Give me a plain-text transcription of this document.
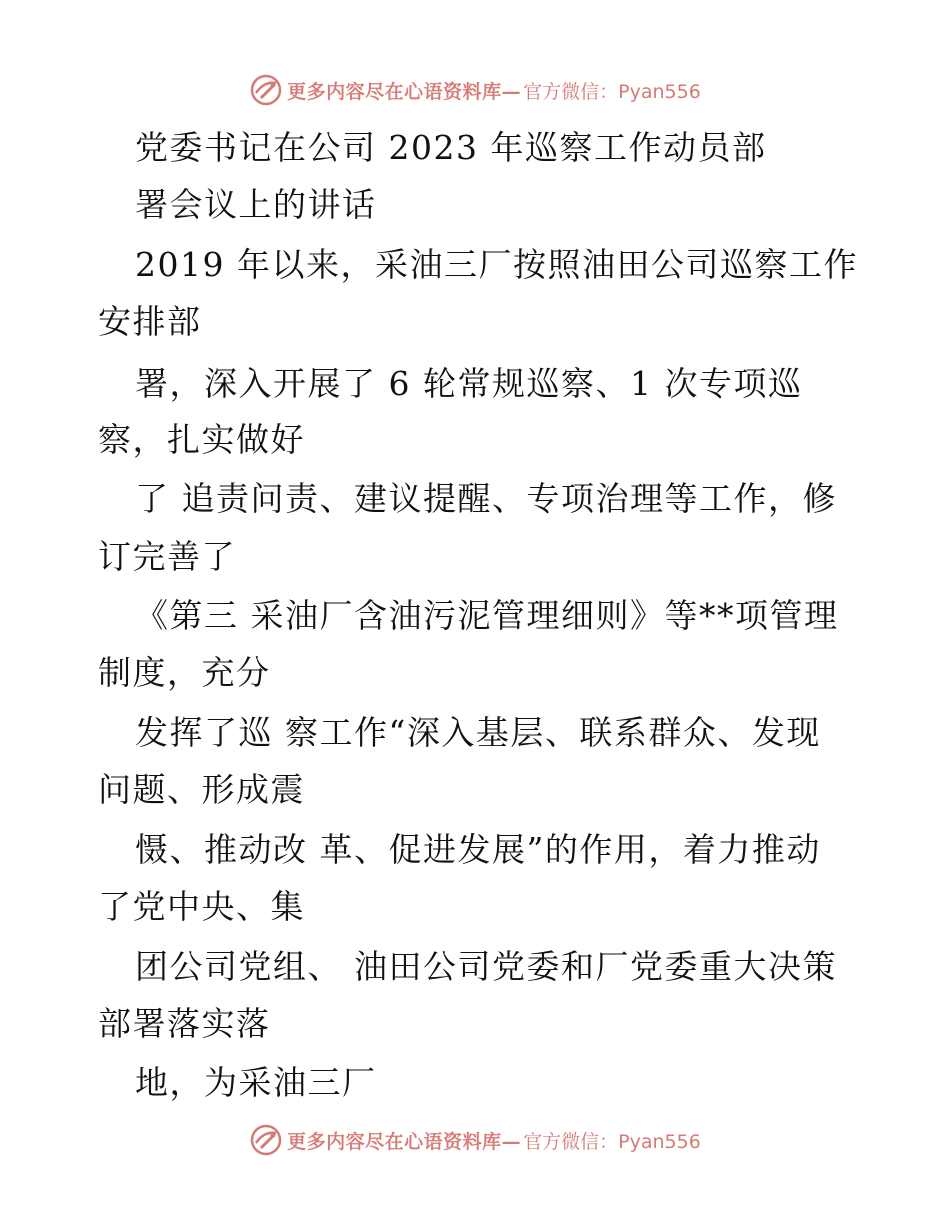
更多内容尽在心语资料库— 官方微信：Pyan556
党委书记在公司 2023 年巡察工作动员部
署会议上的讲话
2019 年以来，采油三厂按照油田公司巡察工作
安排部
署，深入开展了 6 轮常规巡察、1 次专项巡
察，扎实做好
了 追责问责、建议提醒、专项治理等工作，修
订完善了
《第三 采油厂含油污泥管理细则》等**项管理
制度，充分
发挥了巡 察工作“深入基层、联系群众、发现
问题、形成震
慑、推动改 革、促进发展”的作用，着力推动
了党中央、集
团公司党组、 油田公司党委和厂党委重大决策
部署落实落
地，为采油三厂
更多内容尽在心语资料库— 官方微信：Pyan556
